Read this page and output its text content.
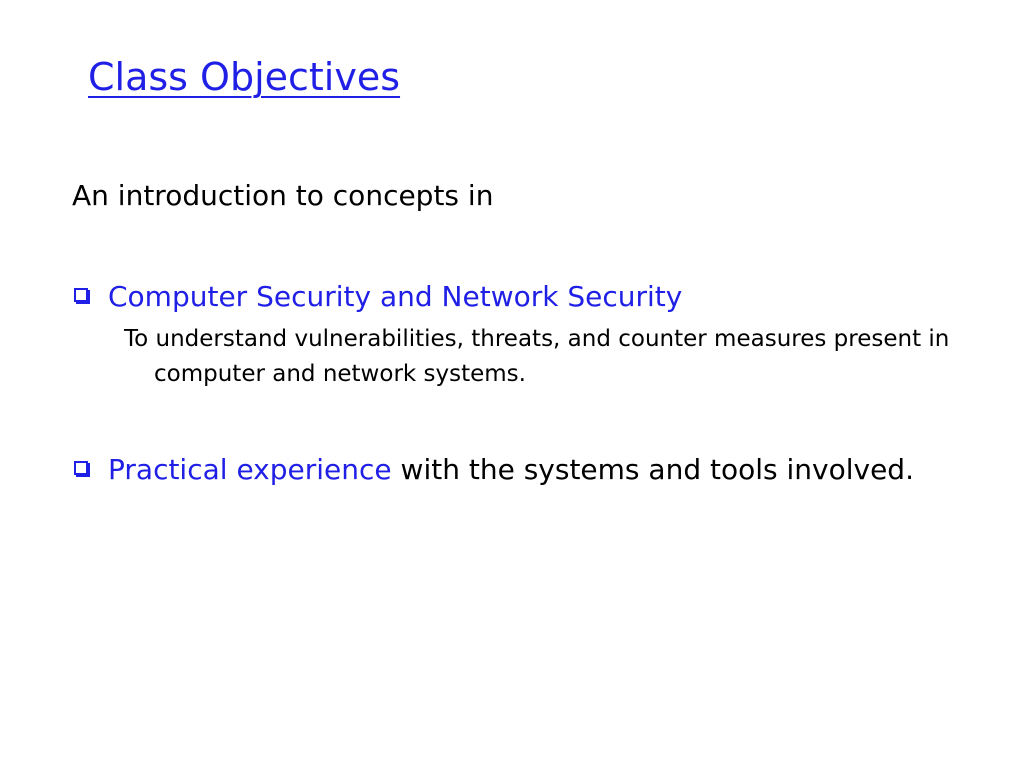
Class Objectives
An introduction to concepts in
Computer Security and Network Security
To understand vulnerabilities, threats, and counter measures present in computer and network systems.
Practical experience with the systems and tools involved.
